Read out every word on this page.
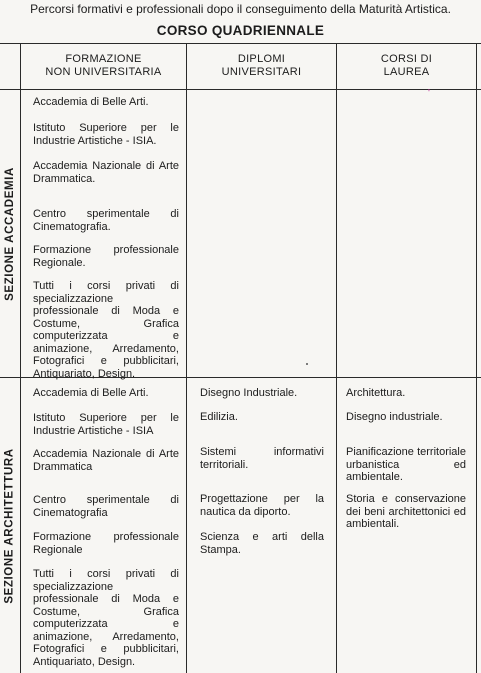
Percorsi formativi e professionali dopo il conseguimento della Maturità Artistica.
CORSO QUADRIENNALE
FORMAZIONE
NON UNIVERSITARIA
DIPLOMI
UNIVERSITARI
CORSI DI
LAUREA
SEZIONE ACCADEMIA
SEZIONE ARCHITETTURA

Accademia di Belle Arti.

Istituto Superiore per le Industrie Artistiche - ISIA.

Accademia Nazionale di Arte Drammatica.

Centro sperimentale di Cinematografia.

Formazione professionale Regionale.

Tutti i corsi privati di specializzazione professionale di Moda e Costume, Grafica computerizzata e animazione, Arredamento, Fotografici e pubblicitari, Antiquariato, Design.

Accademia di Belle Arti.

Istituto Superiore per le Industrie Artistiche - ISIA

Accademia Nazionale di Arte Drammatica

Centro sperimentale di Cinematografia

Formazione professionale Regionale

Tutti i corsi privati di specializzazione professionale di Moda e Costume, Grafica computerizzata e animazione, Arredamento, Fotografici e pubblicitari, Antiquariato, Design.

Disegno Industriale.

Edilizia.

Sistemi informativi territoriali.

Progettazione per la nautica da diporto.

Scienza e arti della Stampa.

Architettura.

Disegno industriale.

Pianificazione territoriale urbanistica ed ambientale.

Storia e conservazione dei beni architettonici ed ambientali.

'
